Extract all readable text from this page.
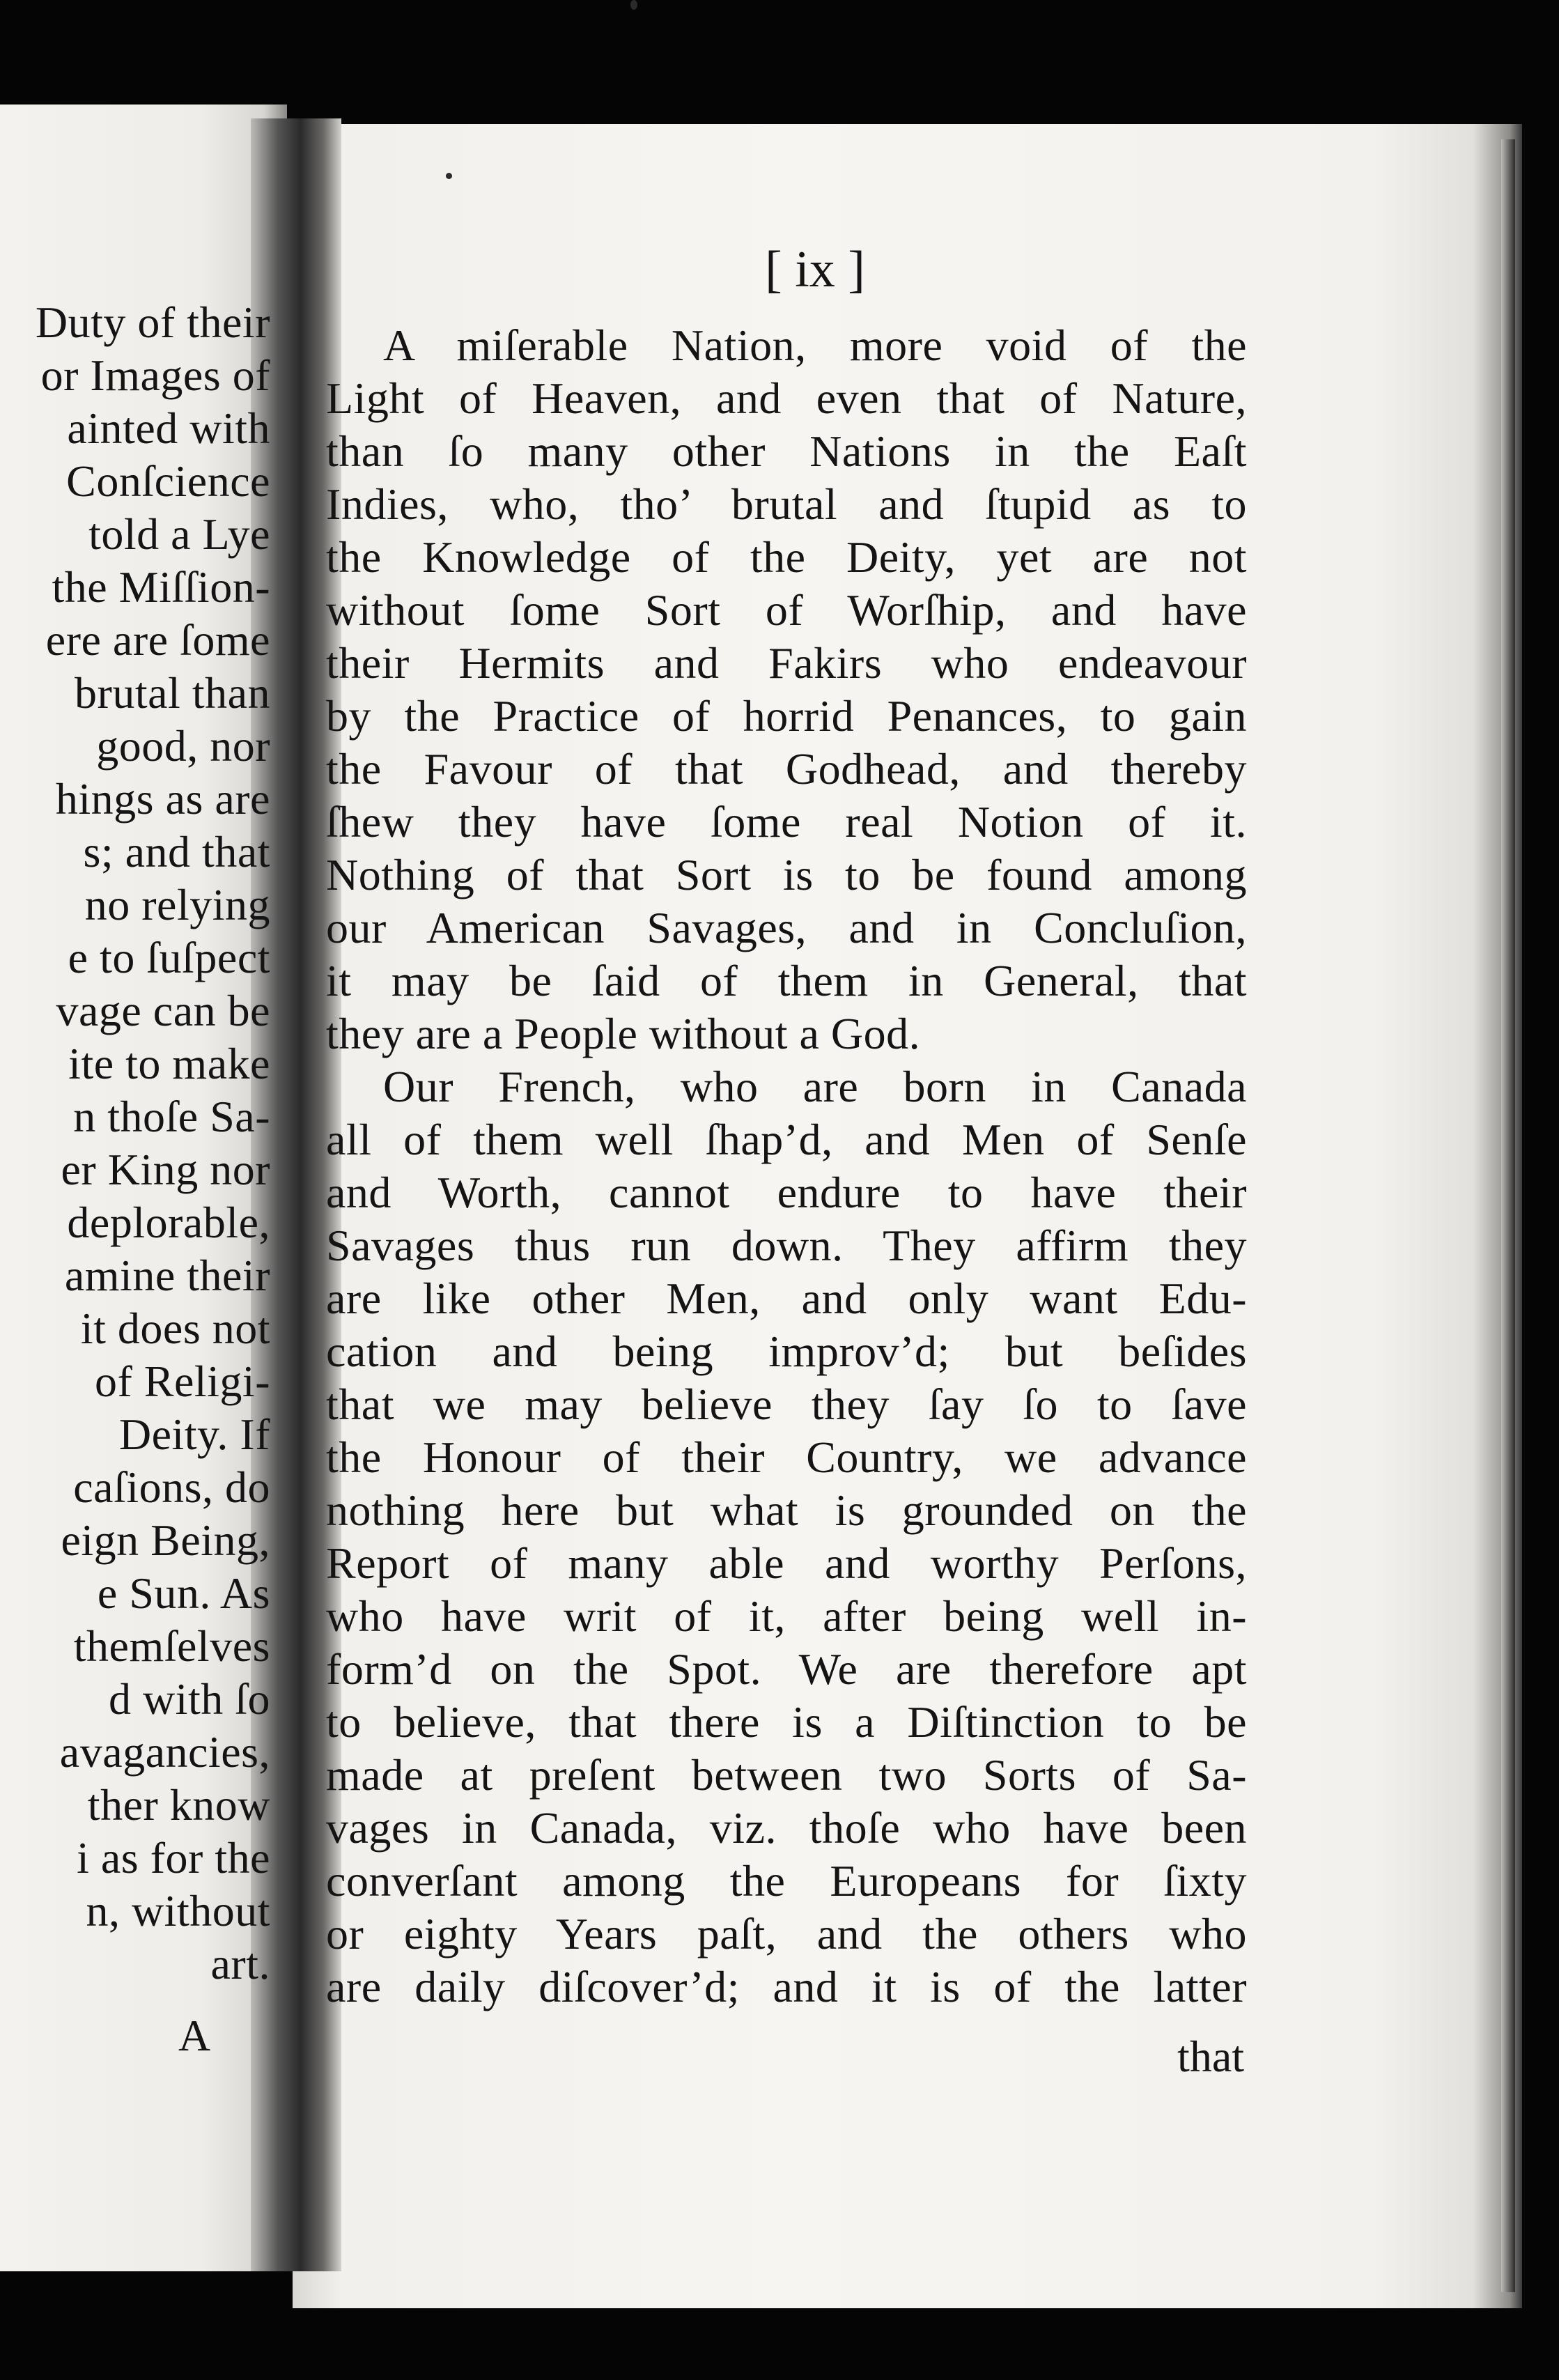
Duty of their
or Images of
ainted with
Conſcience
told a Lye
the Miſſion-
ere are ſome
brutal than
good, nor
hings as are
s; and that
no relying
e to ſuſpect
vage can be
ite to make
n thoſe Sa-
er King nor
deplorable,
amine their
it does not
of Religi-
Deity. If
caſions, do
eign Being,
e Sun. As
themſelves
d with ſo
avagancies,
ther know
i as for the
n, without
art.
A
[ ix ]
A miſerable Nation, more void of the
Light of Heaven, and even that of Nature,
than ſo many other Nations in the Eaſt
Indies, who, tho’ brutal and ſtupid as to
the Knowledge of the Deity, yet are not
without ſome Sort of Worſhip, and have
their Hermits and Fakirs who endeavour
by the Practice of horrid Penances, to gain
the Favour of that Godhead, and thereby
ſhew they have ſome real Notion of it.
Nothing of that Sort is to be found among
our American Savages, and in Concluſion,
it may be ſaid of them in General, that
they are a People without a God.
Our French, who are born in Canada
all of them well ſhap’d, and Men of Senſe
and Worth, cannot endure to have their
Savages thus run down. They affirm they
are like other Men, and only want Edu-
cation and being improv’d; but beſides
that we may believe they ſay ſo to ſave
the Honour of their Country, we advance
nothing here but what is grounded on the
Report of many able and worthy Perſons,
who have writ of it, after being well in-
form’d on the Spot. We are therefore apt
to believe, that there is a Diſtinction to be
made at preſent between two Sorts of Sa-
vages in Canada, viz. thoſe who have been
converſant among the Europeans for ſixty
or eighty Years paſt, and the others who
are daily diſcover’d; and it is of the latter
that
